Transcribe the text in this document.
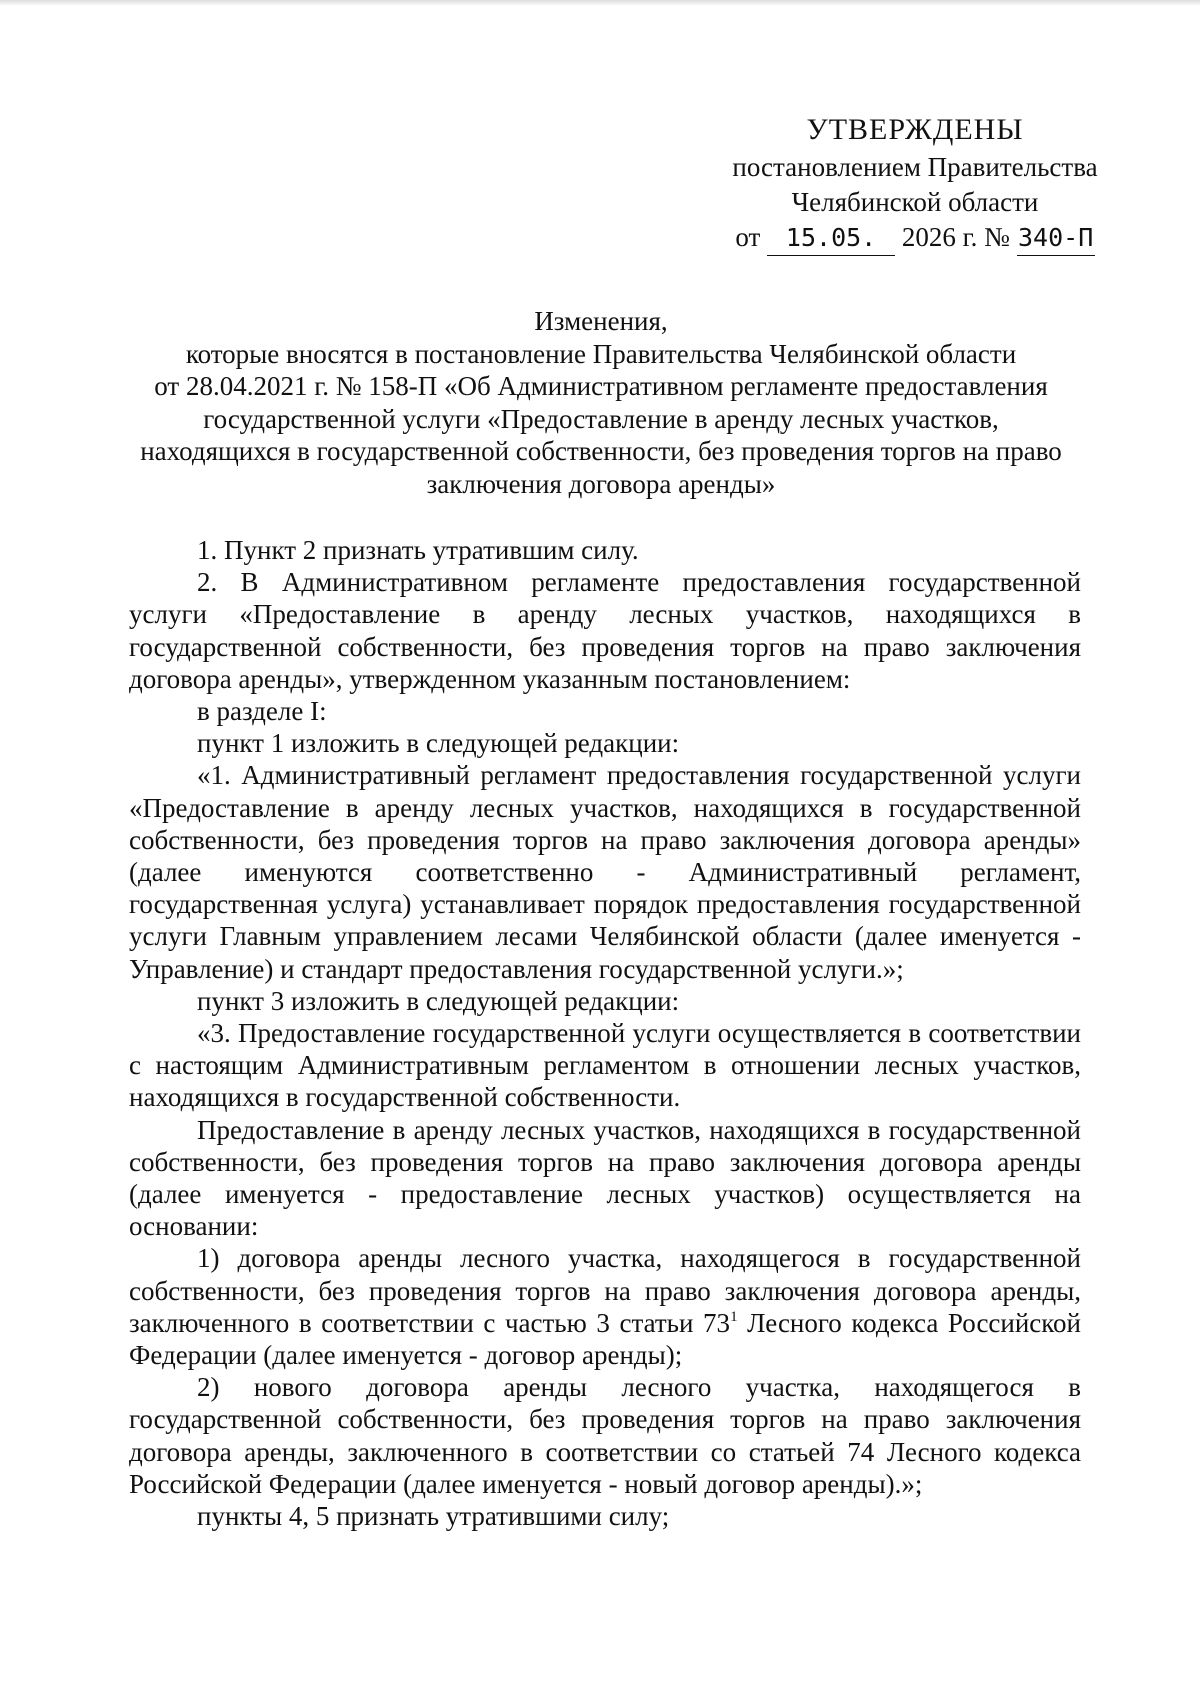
УТВЕРЖДЕНЫ
постановлением Правительства
Челябинской области
от 15.05. 2026 г. № 340-П
Изменения,
которые вносятся в постановление Правительства Челябинской области
от 28.04.2021 г. № 158-П «Об Административном регламенте предоставления
государственной услуги «Предоставление в аренду лесных участков,
находящихся в государственной собственности, без проведения торгов на право
заключения договора аренды»

1. Пункт 2 признать утратившим силу.

2. В Административном регламенте предоставления государственной услуги «Предоставление в аренду лесных участков, находящихся в государственной собственности, без проведения торгов на право заключения договора аренды», утвержденном указанным постановлением:

в разделе I:

пункт 1 изложить в следующей редакции:

«1. Административный регламент предоставления государственной услуги «Предоставление в аренду лесных участков, находящихся в государственной собственности, без проведения торгов на право заключения договора аренды» (далее именуются соответственно - Административный регламент, государственная услуга) устанавливает порядок предоставления государственной услуги Главным управлением лесами Челябинской области (далее именуется - Управление) и стандарт предоставления государственной услуги.»;

пункт 3 изложить в следующей редакции:

«3. Предоставление государственной услуги осуществляется в соответствии с настоящим Административным регламентом в отношении лесных участков, находящихся в государственной собственности.

Предоставление в аренду лесных участков, находящихся в государственной собственности, без проведения торгов на право заключения договора аренды (далее именуется - предоставление лесных участков) осуществляется на основании:

1) договора аренды лесного участка, находящегося в государственной собственности, без проведения торгов на право заключения договора аренды, заключенного в соответствии с частью 3 статьи $73^1$ Лесного кодекса Российской Федерации (далее именуется - договор аренды);

2) нового договора аренды лесного участка, находящегося в государственной собственности, без проведения торгов на право заключения договора аренды, заключенного в соответствии со статьей 74 Лесного кодекса Российской Федерации (далее именуется - новый договор аренды).»;

пункты 4, 5 признать утратившими силу;
